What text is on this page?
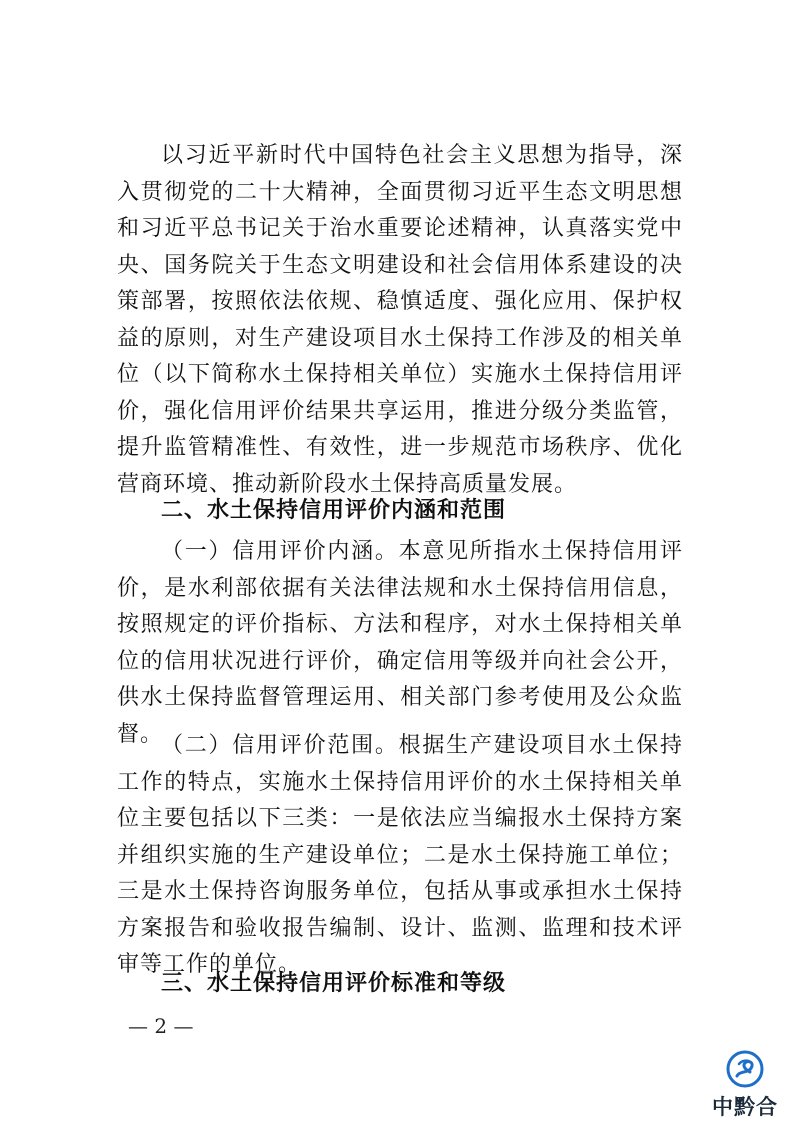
以习近平新时代中国特色社会主义思想为指导，深入贯彻党的二十大精神，全面贯彻习近平生态文明思想和习近平总书记关于治水重要论述精神，认真落实党中央、国务院关于生态文明建设和社会信用体系建设的决策部署，按照依法依规、稳慎适度、强化应用、保护权益的原则，对生产建设项目水土保持工作涉及的相关单位（以下简称水土保持相关单位）实施水土保持信用评价，强化信用评价结果共享运用，推进分级分类监管，提升监管精准性、有效性，进一步规范市场秩序、优化营商环境、推动新阶段水土保持高质量发展。

二、水土保持信用评价内涵和范围

（一）信用评价内涵。本意见所指水土保持信用评价，是水利部依据有关法律法规和水土保持信用信息，按照规定的评价指标、方法和程序，对水土保持相关单位的信用状况进行评价，确定信用等级并向社会公开，供水土保持监督管理运用、相关部门参考使用及公众监督。

（二）信用评价范围。根据生产建设项目水土保持工作的特点，实施水土保持信用评价的水土保持相关单位主要包括以下三类：一是依法应当编报水土保持方案并组织实施的生产建设单位；二是水土保持施工单位；三是水土保持咨询服务单位，包括从事或承担水土保持方案报告和验收报告编制、设计、监测、监理和技术评审等工作的单位。

三、水土保持信用评价标准和等级
— 2 —
中黔合
